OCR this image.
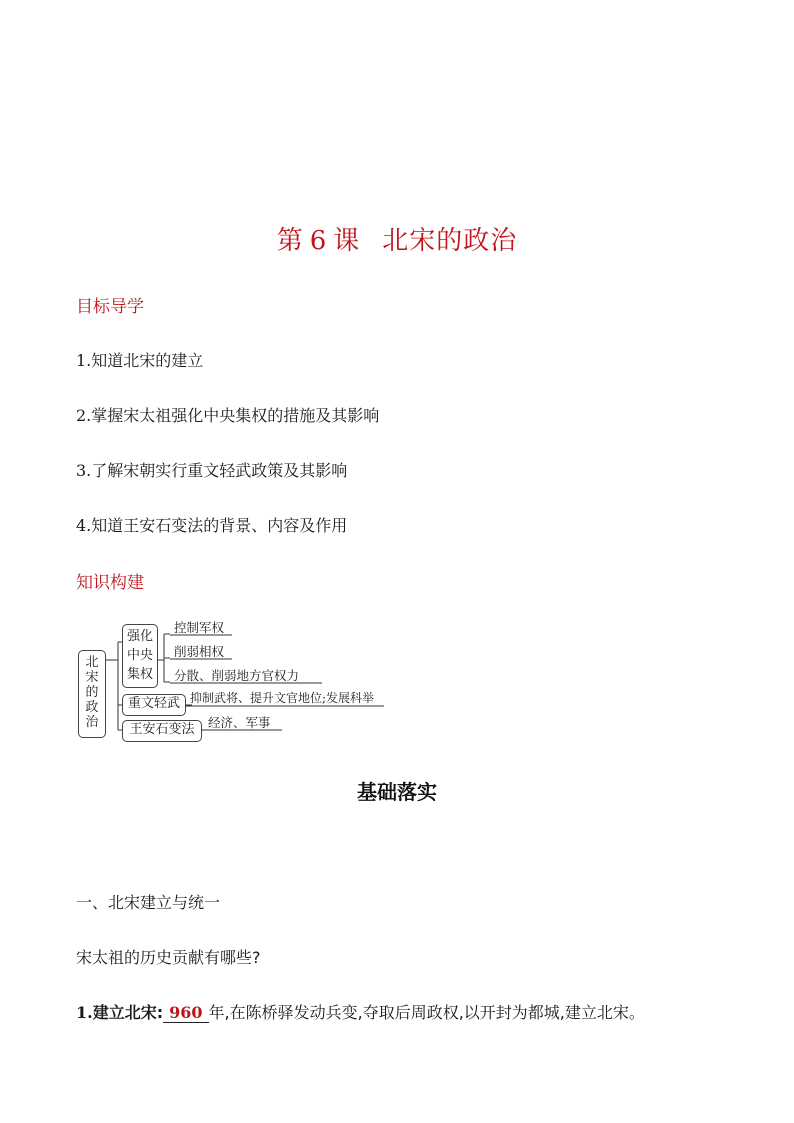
第 6 课 北宋的政治
目标导学
1.知道北宋的建立
2.掌握宋太祖强化中央集权的措施及其影响
3.了解宋朝实行重文轻武政策及其影响
4.知道王安石变法的背景、内容及作用
知识构建
北宋的政治
强化中央集权
控制军权
削弱相权
分散、削弱地方官权力
重文轻武 抑制武将、提升文官地位;发展科举
王安石变法	经济、军事
基础落实
一、北宋建立与统一
宋太祖的历史贡献有哪些?
1.建立北宋: 960 年,在陈桥驿发动兵变,夺取后周政权,以开封为都城,建立北宋。
